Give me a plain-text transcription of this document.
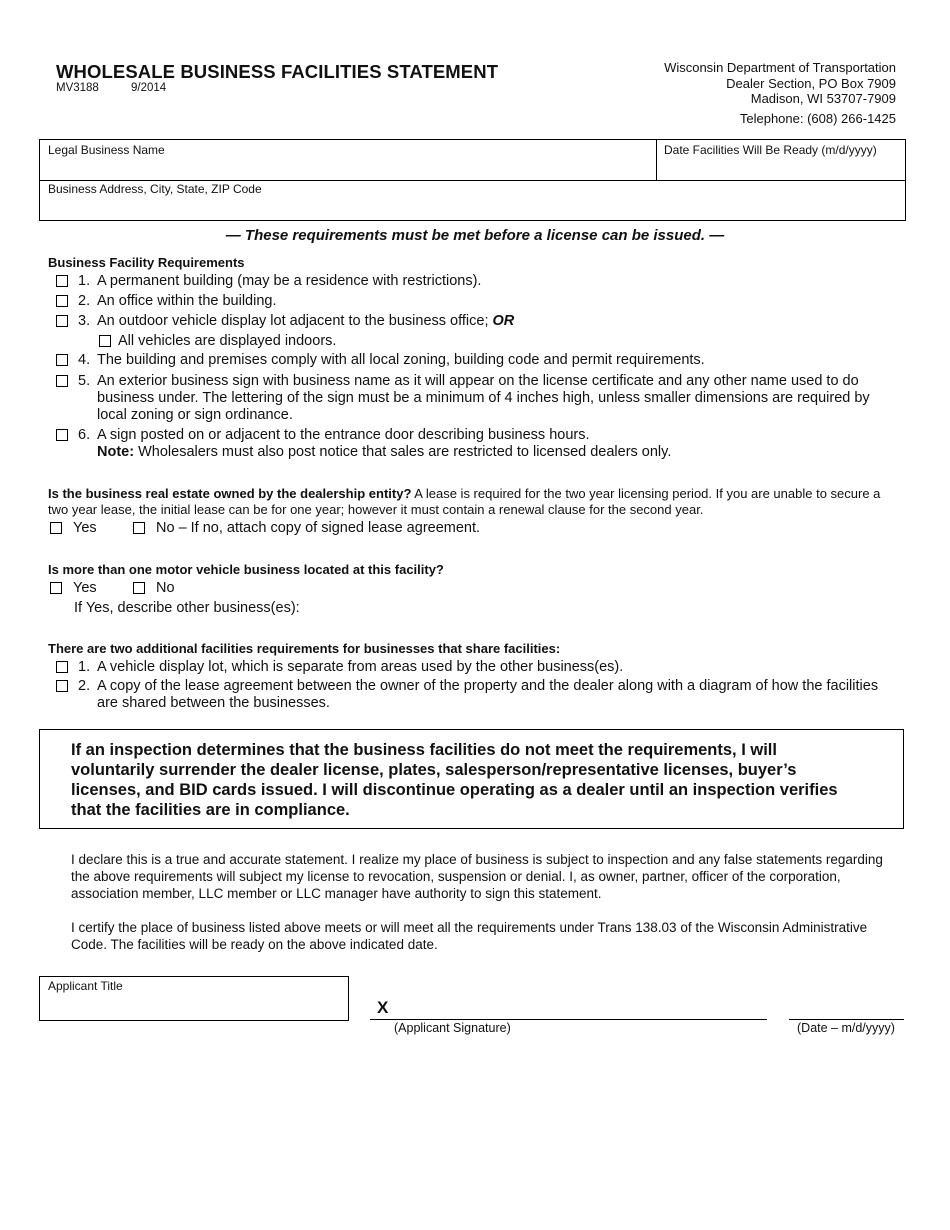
WHOLESALE BUSINESS FACILITIES STATEMENT
MV3188	9/2014
Wisconsin Department of Transportation
Dealer Section, PO Box 7909
Madison, WI 53707-7909
Telephone: (608) 266-1425
Legal Business Name	Date Facilities Will Be Ready (m/d/yyyy)
Business Address, City, State, ZIP Code
— These requirements must be met before a license can be issued. —
Business Facility Requirements
1. A permanent building (may be a residence with restrictions).
2. An office within the building.
3. An outdoor vehicle display lot adjacent to the business office; OR
All vehicles are displayed indoors.
4. The building and premises comply with all local zoning, building code and permit requirements.
5. An exterior business sign with business name as it will appear on the license certificate and any other name used to do business under. The lettering of the sign must be a minimum of 4 inches high, unless smaller dimensions are required by local zoning or sign ordinance.
6. A sign posted on or adjacent to the entrance door describing business hours.
Note: Wholesalers must also post notice that sales are restricted to licensed dealers only.
Is the business real estate owned by the dealership entity? A lease is required for the two year licensing period. If you are unable to secure a two year lease, the initial lease can be for one year; however it must contain a renewal clause for the second year.
Yes	No – If no, attach copy of signed lease agreement.
Is more than one motor vehicle business located at this facility?
Yes	No
If Yes, describe other business(es):
There are two additional facilities requirements for businesses that share facilities:
1. A vehicle display lot, which is separate from areas used by the other business(es).
2. A copy of the lease agreement between the owner of the property and the dealer along with a diagram of how the facilities are shared between the businesses.
If an inspection determines that the business facilities do not meet the requirements, I will voluntarily surrender the dealer license, plates, salesperson/representative licenses, buyer’s licenses, and BID cards issued. I will discontinue operating as a dealer until an inspection verifies that the facilities are in compliance.
I declare this is a true and accurate statement. I realize my place of business is subject to inspection and any false statements regarding the above requirements will subject my license to revocation, suspension or denial. I, as owner, partner, officer of the corporation, association member, LLC member or LLC manager have authority to sign this statement.
I certify the place of business listed above meets or will meet all the requirements under Trans 138.03 of the Wisconsin Administrative Code. The facilities will be ready on the above indicated date.
Applicant Title
X
(Applicant Signature)	(Date – m/d/yyyy)
